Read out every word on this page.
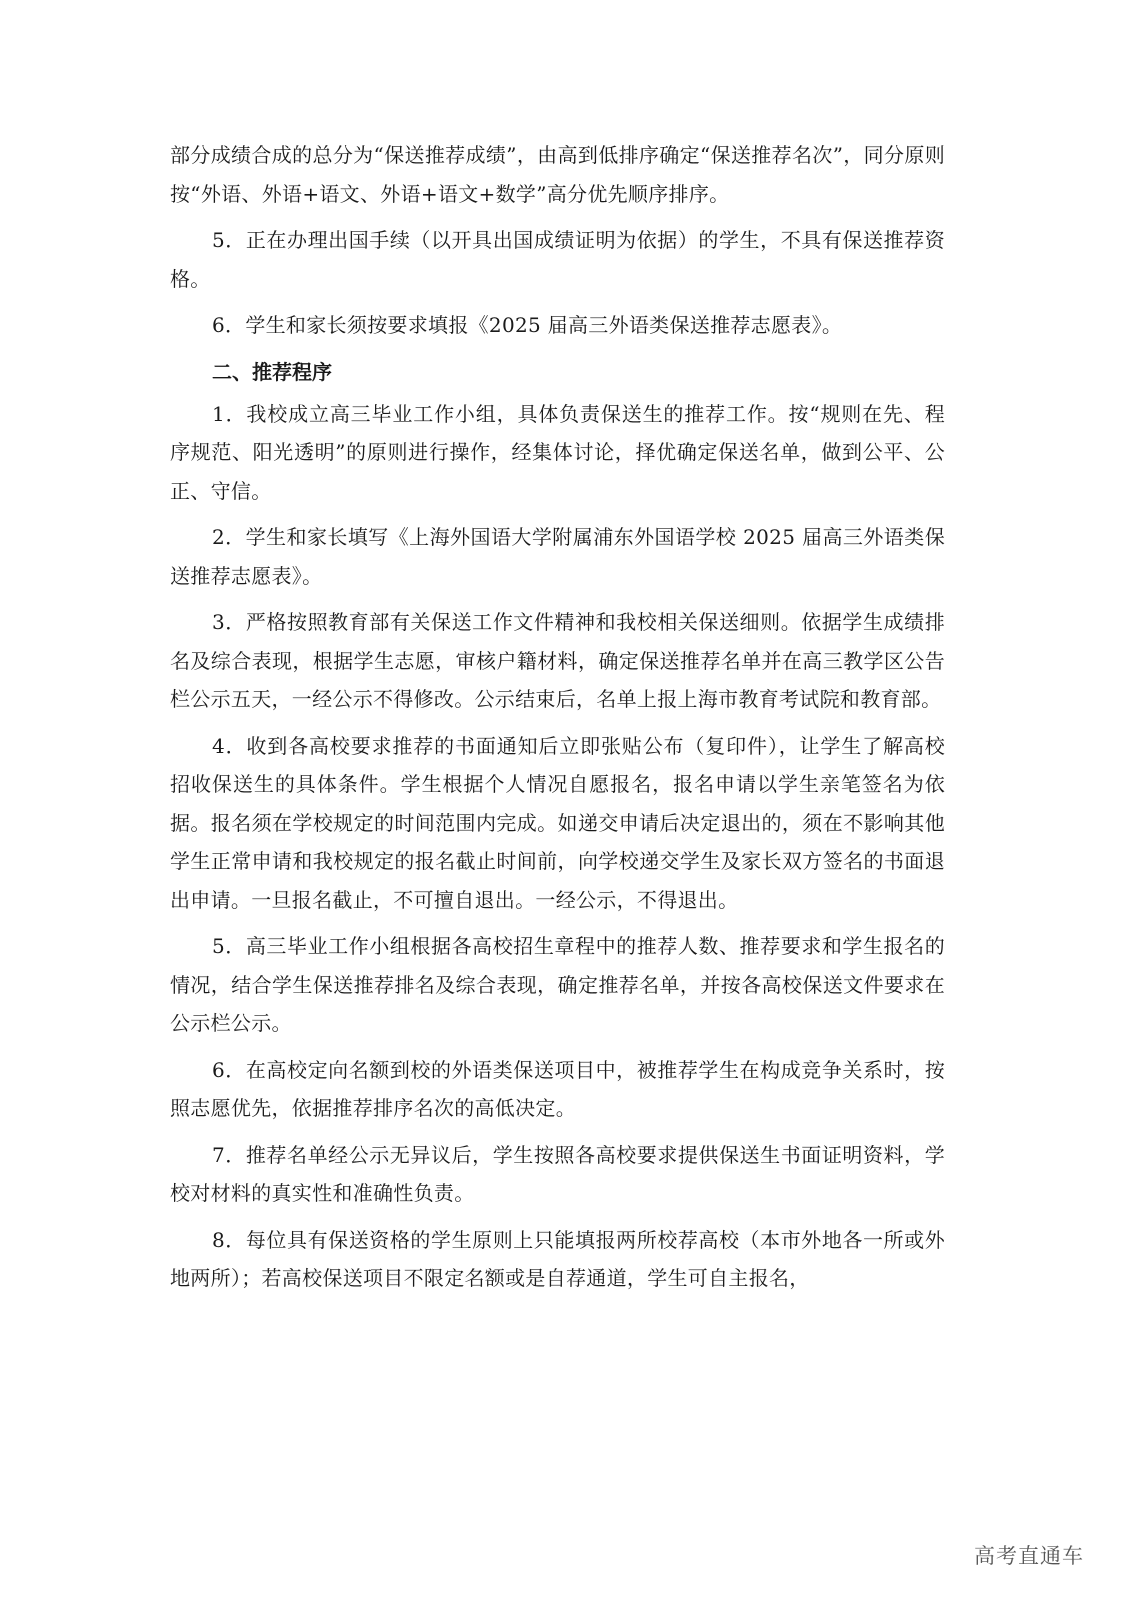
部分成绩合成的总分为“保送推荐成绩”，由高到低排序确定“保送推荐名次”，同分原则按“外语、外语+语文、外语+语文+数学”高分优先顺序排序。

5．正在办理出国手续（以开具出国成绩证明为依据）的学生，不具有保送推荐资格。

6．学生和家长须按要求填报《2025 届高三外语类保送推荐志愿表》。

二、推荐程序

1．我校成立高三毕业工作小组，具体负责保送生的推荐工作。按“规则在先、程序规范、阳光透明”的原则进行操作，经集体讨论，择优确定保送名单，做到公平、公正、守信。

2．学生和家长填写《上海外国语大学附属浦东外国语学校 2025 届高三外语类保送推荐志愿表》。

3．严格按照教育部有关保送工作文件精神和我校相关保送细则。依据学生成绩排名及综合表现，根据学生志愿，审核户籍材料，确定保送推荐名单并在高三教学区公告栏公示五天，一经公示不得修改。公示结束后，名单上报上海市教育考试院和教育部。

4．收到各高校要求推荐的书面通知后立即张贴公布（复印件），让学生了解高校招收保送生的具体条件。学生根据个人情况自愿报名，报名申请以学生亲笔签名为依据。报名须在学校规定的时间范围内完成。如递交申请后决定退出的，须在不影响其他学生正常申请和我校规定的报名截止时间前，向学校递交学生及家长双方签名的书面退出申请。一旦报名截止，不可擅自退出。一经公示，不得退出。

5．高三毕业工作小组根据各高校招生章程中的推荐人数、推荐要求和学生报名的情况，结合学生保送推荐排名及综合表现，确定推荐名单，并按各高校保送文件要求在公示栏公示。

6．在高校定向名额到校的外语类保送项目中，被推荐学生在构成竞争关系时，按照志愿优先，依据推荐排序名次的高低决定。

7．推荐名单经公示无异议后，学生按照各高校要求提供保送生书面证明资料，学校对材料的真实性和准确性负责。

8．每位具有保送资格的学生原则上只能填报两所校荐高校（本市外地各一所或外地两所）；若高校保送项目不限定名额或是自荐通道，学生可自主报名，

高考直通车
